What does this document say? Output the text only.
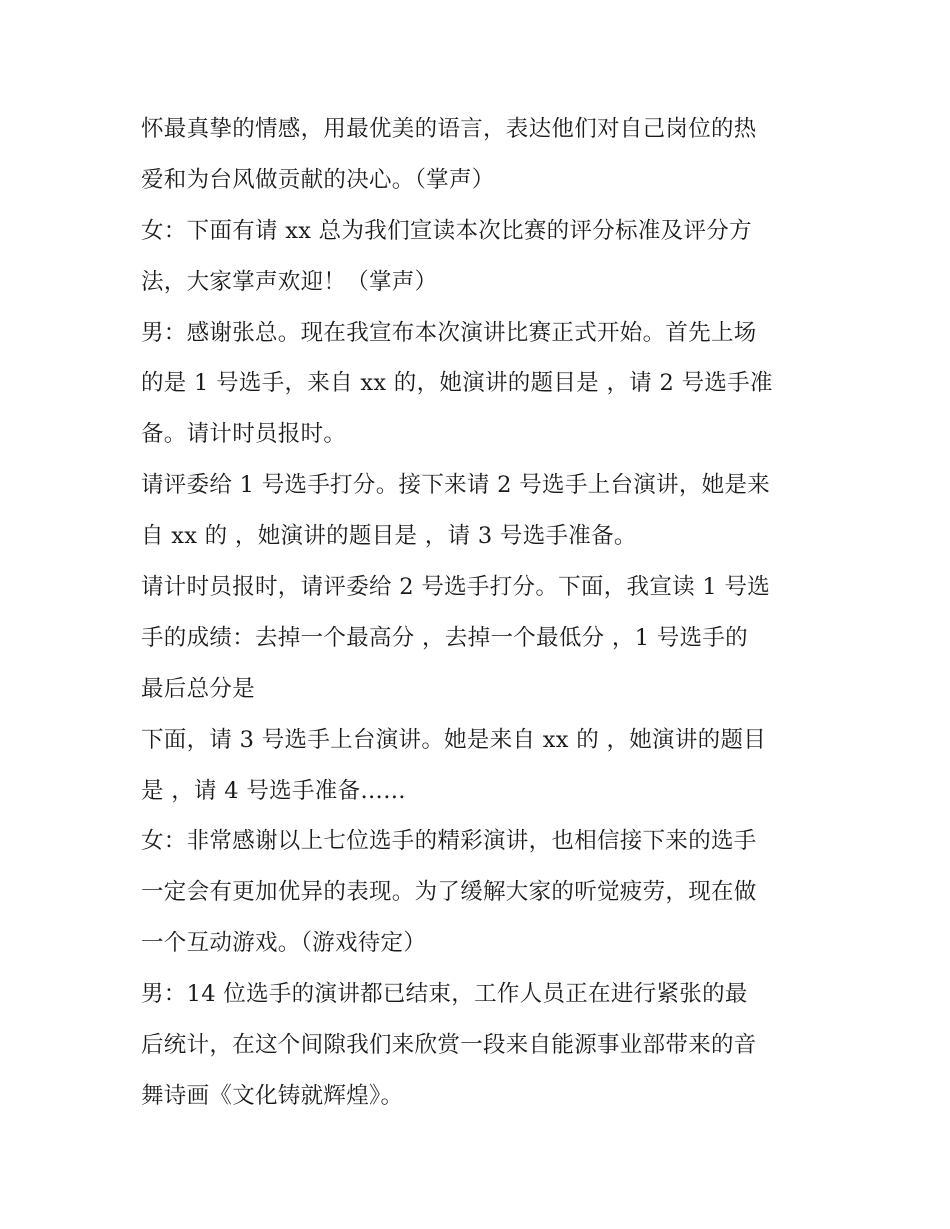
怀最真挚的情感，用最优美的语言，表达他们对自己岗位的热
爱和为台风做贡献的决心。（掌声）
女：下面有请 xx 总为我们宣读本次比赛的评分标准及评分方
法，大家掌声欢迎！（掌声）
男：感谢张总。现在我宣布本次演讲比赛正式开始。首先上场
的是 1 号选手，来自 xx 的，她演讲的题目是 ，请 2 号选手准
备。请计时员报时。
请评委给 1 号选手打分。接下来请 2 号选手上台演讲，她是来
自 xx 的 ，她演讲的题目是 ，请 3 号选手准备。
请计时员报时，请评委给 2 号选手打分。下面，我宣读 1 号选
手的成绩：去掉一个最高分 ，去掉一个最低分 ，1 号选手的
最后总分是
下面，请 3 号选手上台演讲。她是来自 xx 的 ，她演讲的题目
是 ，请 4 号选手准备……
女：非常感谢以上七位选手的精彩演讲，也相信接下来的选手
一定会有更加优异的表现。为了缓解大家的听觉疲劳，现在做
一个互动游戏。（游戏待定）
男：14 位选手的演讲都已结束，工作人员正在进行紧张的最
后统计，在这个间隙我们来欣赏一段来自能源事业部带来的音
舞诗画《文化铸就辉煌》。
